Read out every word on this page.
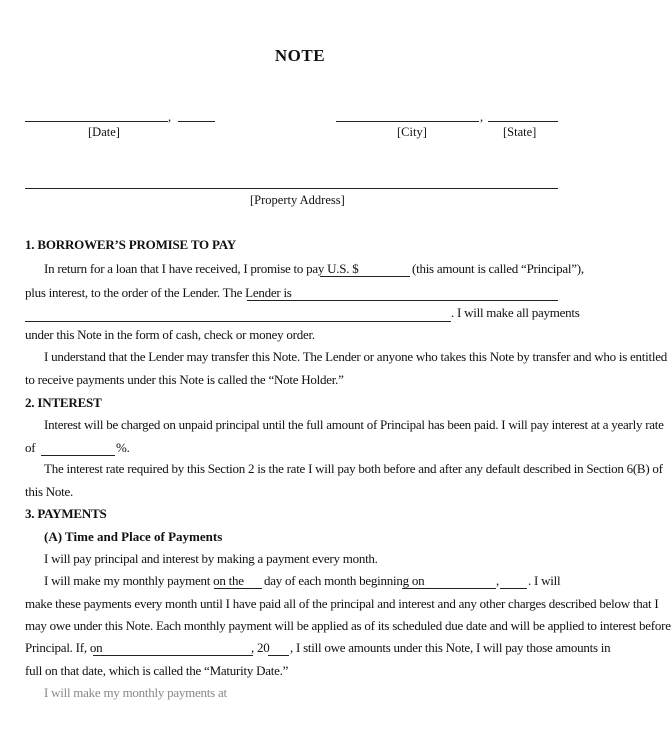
NOTE
,
[Date]
,
[City]	[State]
[Property Address]
1. BORROWER’S PROMISE TO PAY
In return for a loan that I have received, I promise to pay U.S. $	(this amount is called “Principal”),
plus interest, to the order of the Lender. The Lender is
. I will make all payments
under this Note in the form of cash, check or money order.
I understand that the Lender may transfer this Note. The Lender or anyone who takes this Note by transfer and who is entitled
to receive payments under this Note is called the “Note Holder.”
2. INTEREST
Interest will be charged on unpaid principal until the full amount of Principal has been paid. I will pay interest at a yearly rate
of	%.
The interest rate required by this Section 2 is the rate I will pay both before and after any default described in Section 6(B) of
this Note.
3. PAYMENTS
(A) Time and Place of Payments
I will pay principal and interest by making a payment every month.
I will make my monthly payment on the day of each month beginning on	, . I will
make these payments every month until I have paid all of the principal and interest and any other charges described below that I
may owe under this Note. Each monthly payment will be applied as of its scheduled due date and will be applied to interest before
Principal. If, on	, 20 , I still owe amounts under this Note, I will pay those amounts in
full on that date, which is called the “Maturity Date.”
I will make my monthly payments at
